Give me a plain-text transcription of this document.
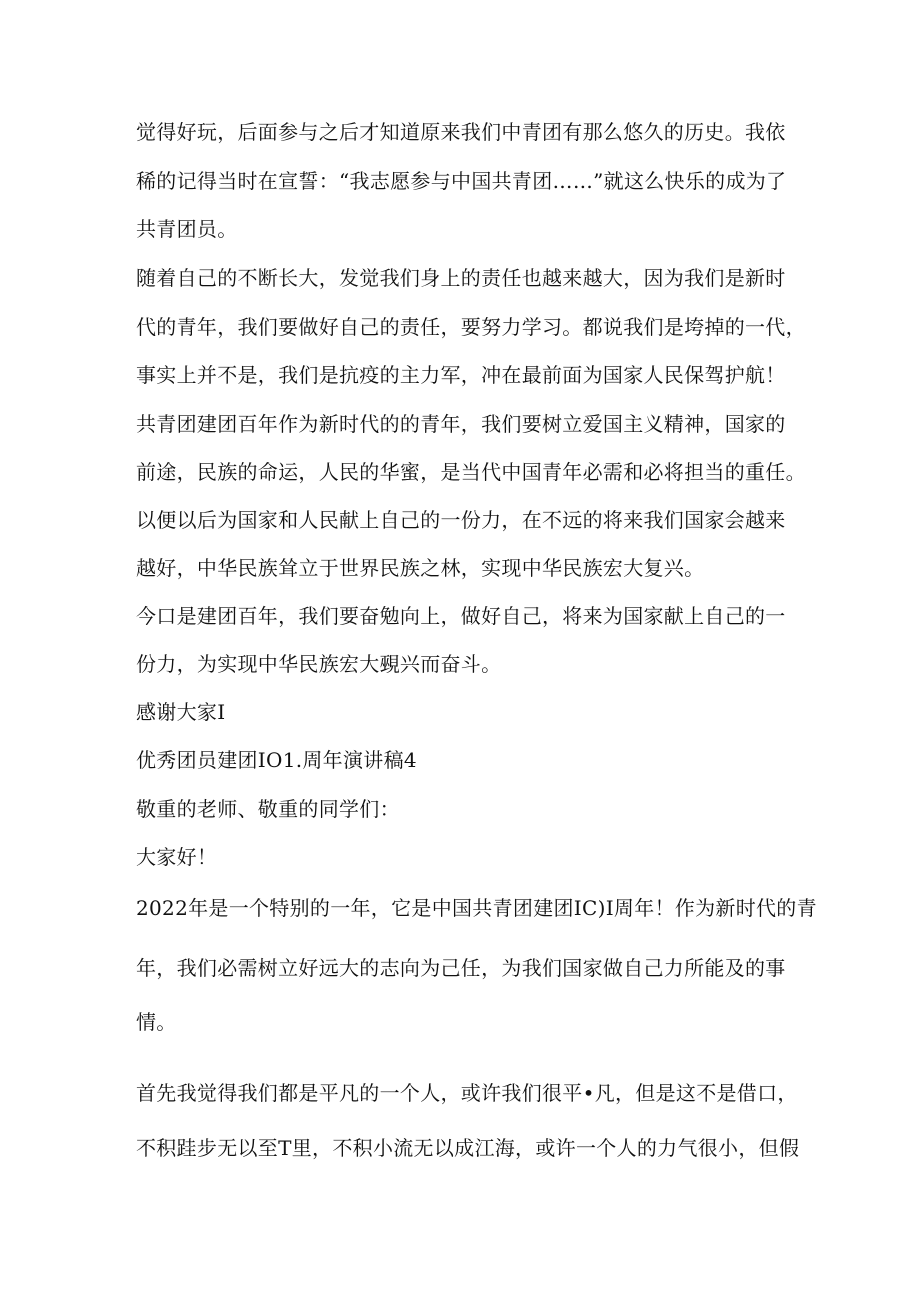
觉得好玩，后面参与之后才知道原来我们中青团有那么悠久的历史。我依

稀的记得当时在宣誓：“我志愿参与中国共青团……”就这么快乐的成为了

共青团员。

随着自己的不断长大，发觉我们身上的责任也越来越大，因为我们是新时

代的青年，我们要做好自己的责任，要努力学习。都说我们是垮掉的一代，

事实上并不是，我们是抗疫的主力军，冲在最前面为国家人民保驾护航！

共青团建团百年作为新时代的的青年，我们要树立爱国主义精神，国家的

前途，民族的命运，人民的华蜜，是当代中国青年必需和必将担当的重任。

以便以后为国家和人民献上自己的一份力，在不远的将来我们国家会越来

越好，中华民族耸立于世界民族之林，实现中华民族宏大复兴。

今口是建团百年，我们要奋勉向上，做好自己，将来为国家献上自己的一

份力，为实现中华民族宏大覡兴而奋斗。

感谢大家I

优秀团员建团IO1.周年演讲稿4

敬重的老师、敬重的同学们：

大家好！

2022年是一个特别的一年，它是中国共青团建团IC)I周年！作为新时代的青

年，我们必需树立好远大的志向为己任，为我们国家做自己力所能及的事

情。

首先我觉得我们都是平凡的一个人，或许我们很平•凡，但是这不是借口，

不积跬步无以至T里，不积小流无以成江海，或许一个人的力气很小，但假
